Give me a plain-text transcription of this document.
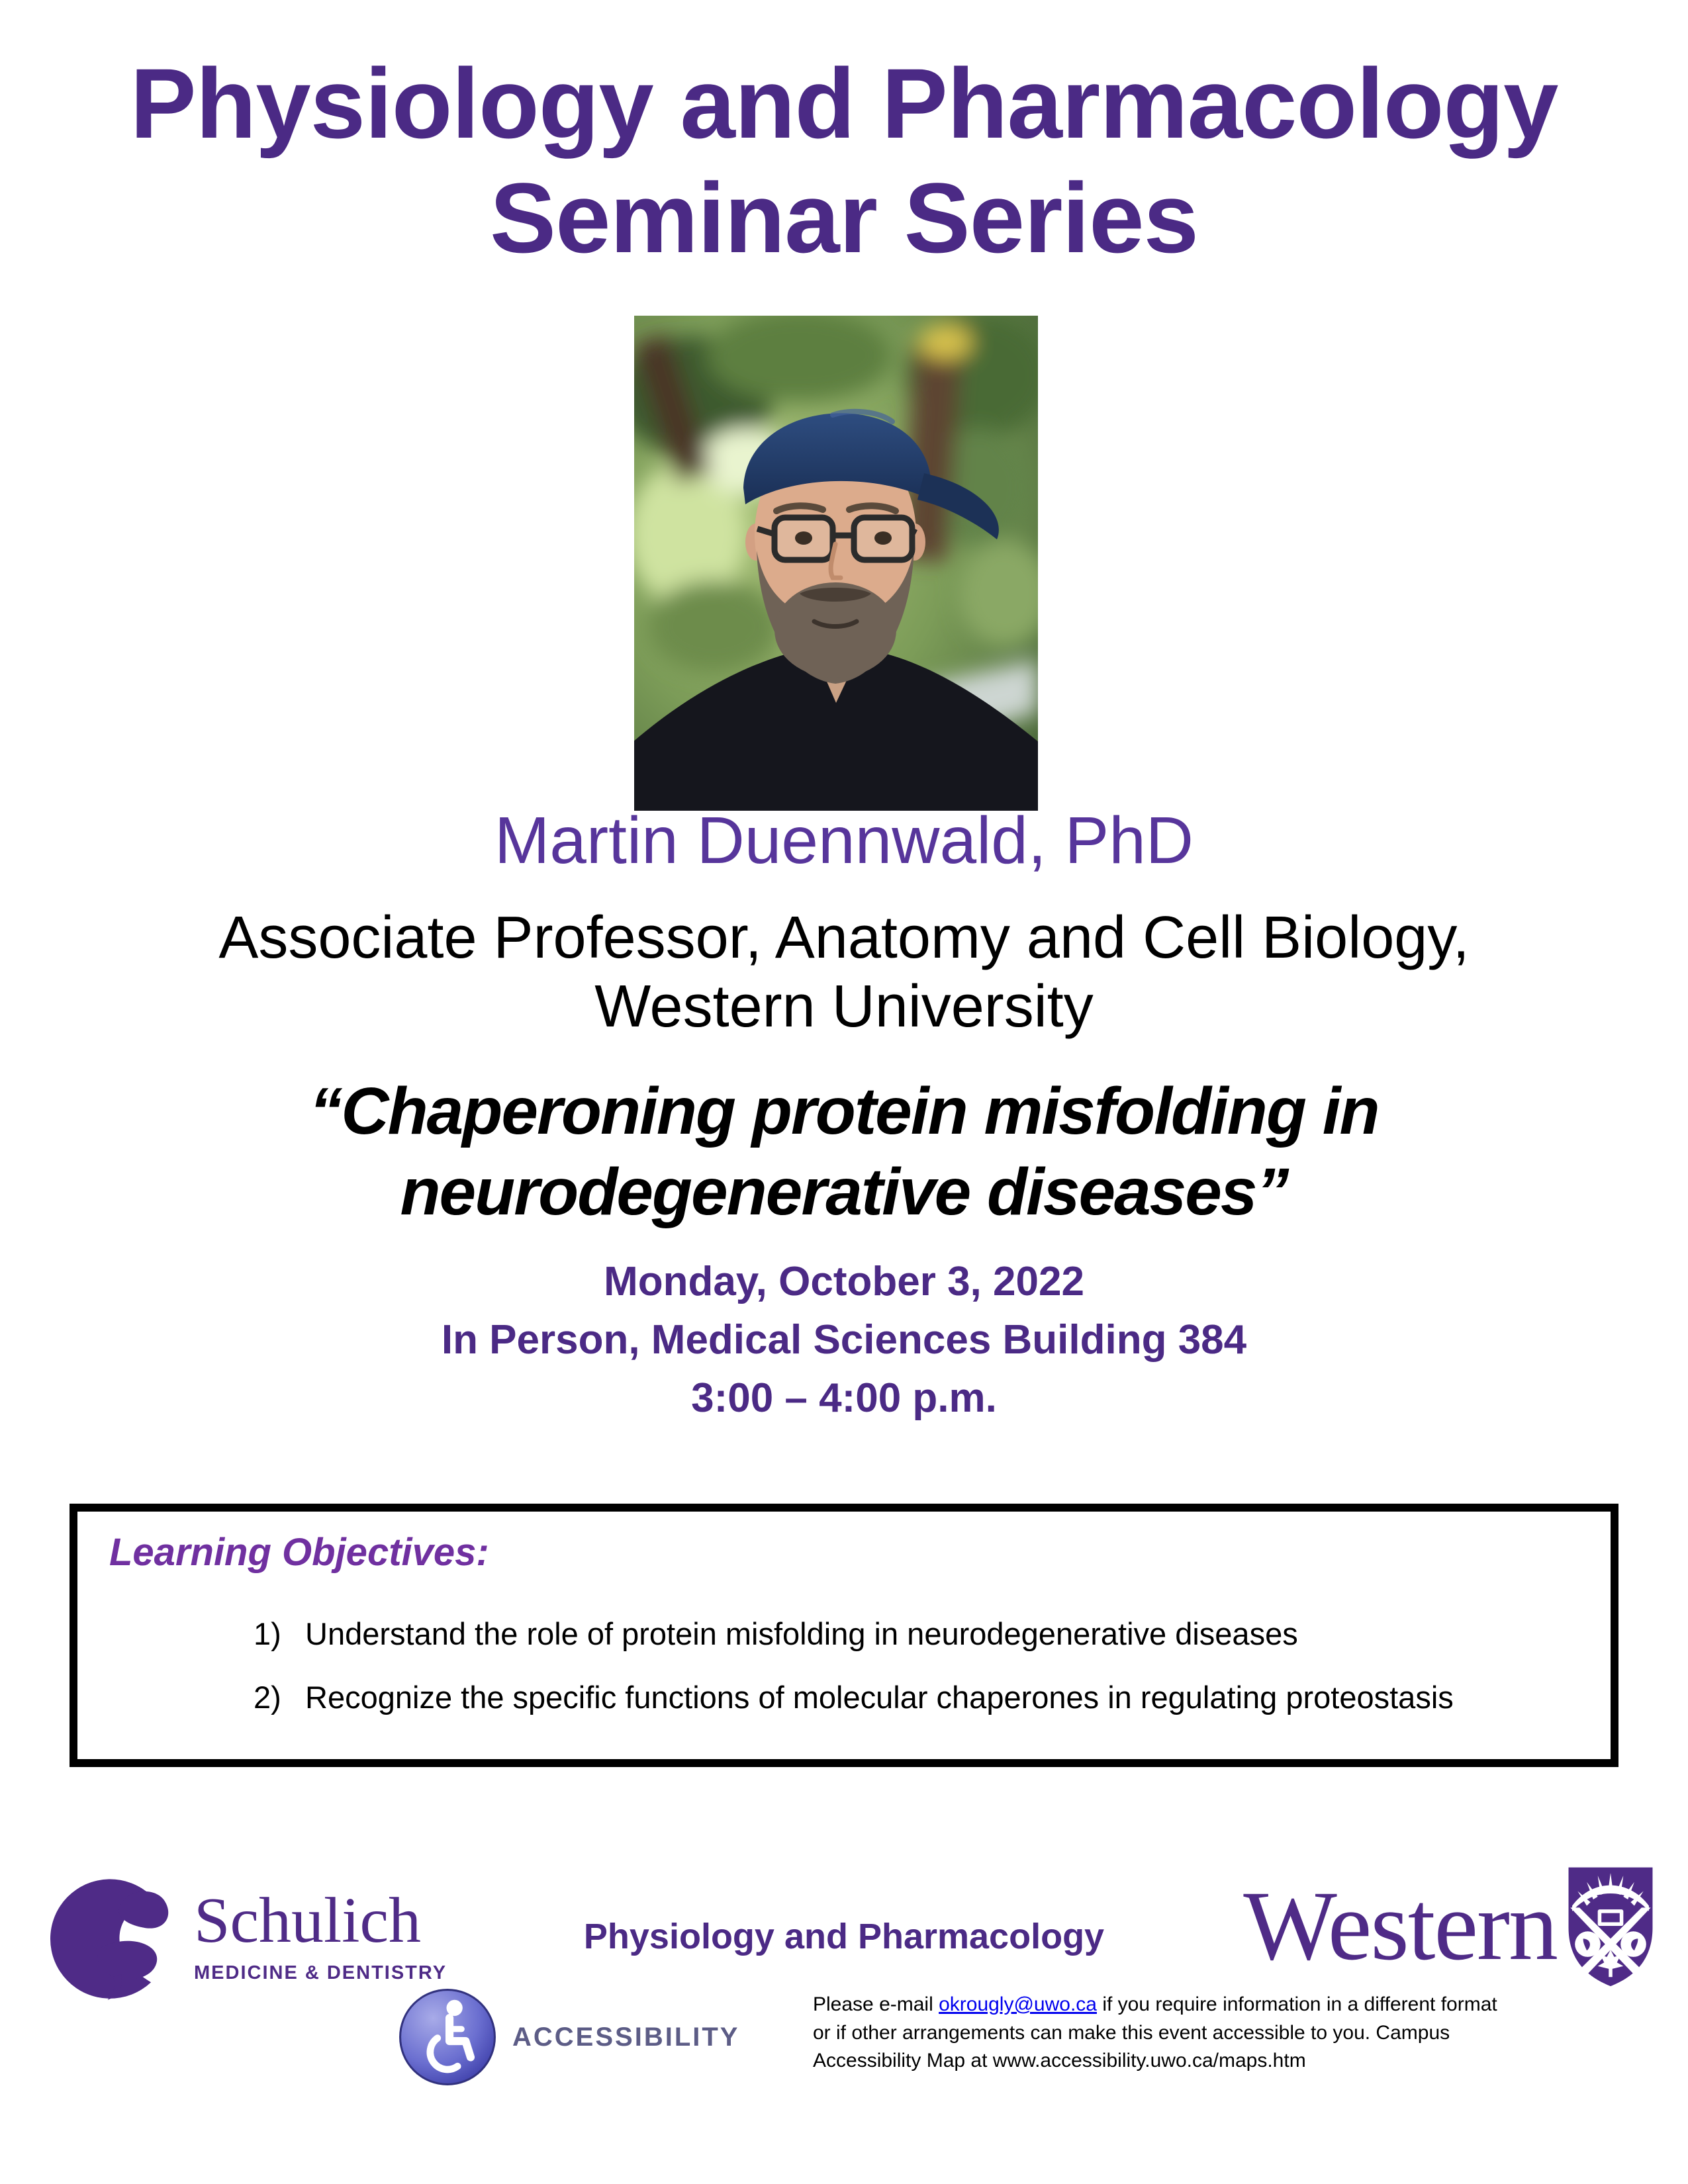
Physiology and Pharmacology
Seminar Series
Martin Duennwald, PhD
Associate Professor, Anatomy and Cell Biology,
Western University
“Chaperoning protein misfolding in
neurodegenerative diseases”
Monday, October 3, 2022
In Person, Medical Sciences Building 384
3:00 – 4:00 p.m.
Learning Objectives:
1) Understand the role of protein misfolding in neurodegenerative diseases
2) Recognize the specific functions of molecular chaperones in regulating proteostasis
Schulich
MEDICINE & DENTISTRY
Physiology and Pharmacology	Western
ACCESSIBILITY
Please e-mail okrougly@uwo.ca if you require information in a different format
or if other arrangements can make this event accessible to you. Campus
Accessibility Map at www.accessibility.uwo.ca/maps.htm
